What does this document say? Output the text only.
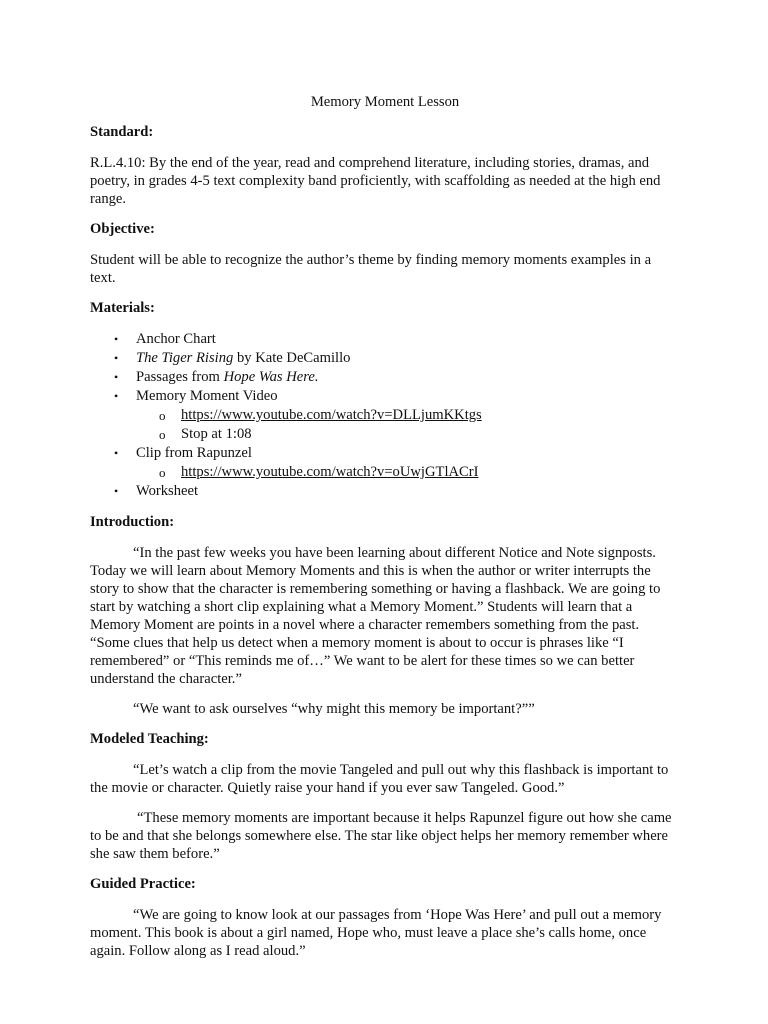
Memory Moment Lesson
Standard:

R.L.4.10: By the end of the year, read and comprehend literature, including stories, dramas, and poetry, in grades 4-5 text complexity band proficiently, with scaffolding as needed at the high end range.

Objective:

Student will be able to recognize the author’s theme by finding memory moments examples in a text.

Materials:
• Anchor Chart
• The Tiger Rising by Kate DeCamillo
• Passages from Hope Was Here.
• Memory Moment Video
o https://www.youtube.com/watch?v=DLLjumKKtgs
o Stop at 1:08
• Clip from Rapunzel
o https://www.youtube.com/watch?v=oUwjGTlACrI
• Worksheet
Introduction:

“In the past few weeks you have been learning about different Notice and Note signposts. Today we will learn about Memory Moments and this is when the author or writer interrupts the story to show that the character is remembering something or having a flashback. We are going to start by watching a short clip explaining what a Memory Moment.” Students will learn that a Memory Moment are points in a novel where a character remembers something from the past. “Some clues that help us detect when a memory moment is about to occur is phrases like “I remembered” or “This reminds me of…” We want to be alert for these times so we can better understand the character.”

“We want to ask ourselves “why might this memory be important?””

Modeled Teaching:

“Let’s watch a clip from the movie Tangeled and pull out why this flashback is important to the movie or character. Quietly raise your hand if you ever saw Tangeled. Good.”

“These memory moments are important because it helps Rapunzel figure out how she came to be and that she belongs somewhere else. The star like object helps her memory remember where she saw them before.”

Guided Practice:

“We are going to know look at our passages from ‘Hope Was Here’ and pull out a memory moment. This book is about a girl named, Hope who, must leave a place she’s calls home, once again. Follow along as I read aloud.”
